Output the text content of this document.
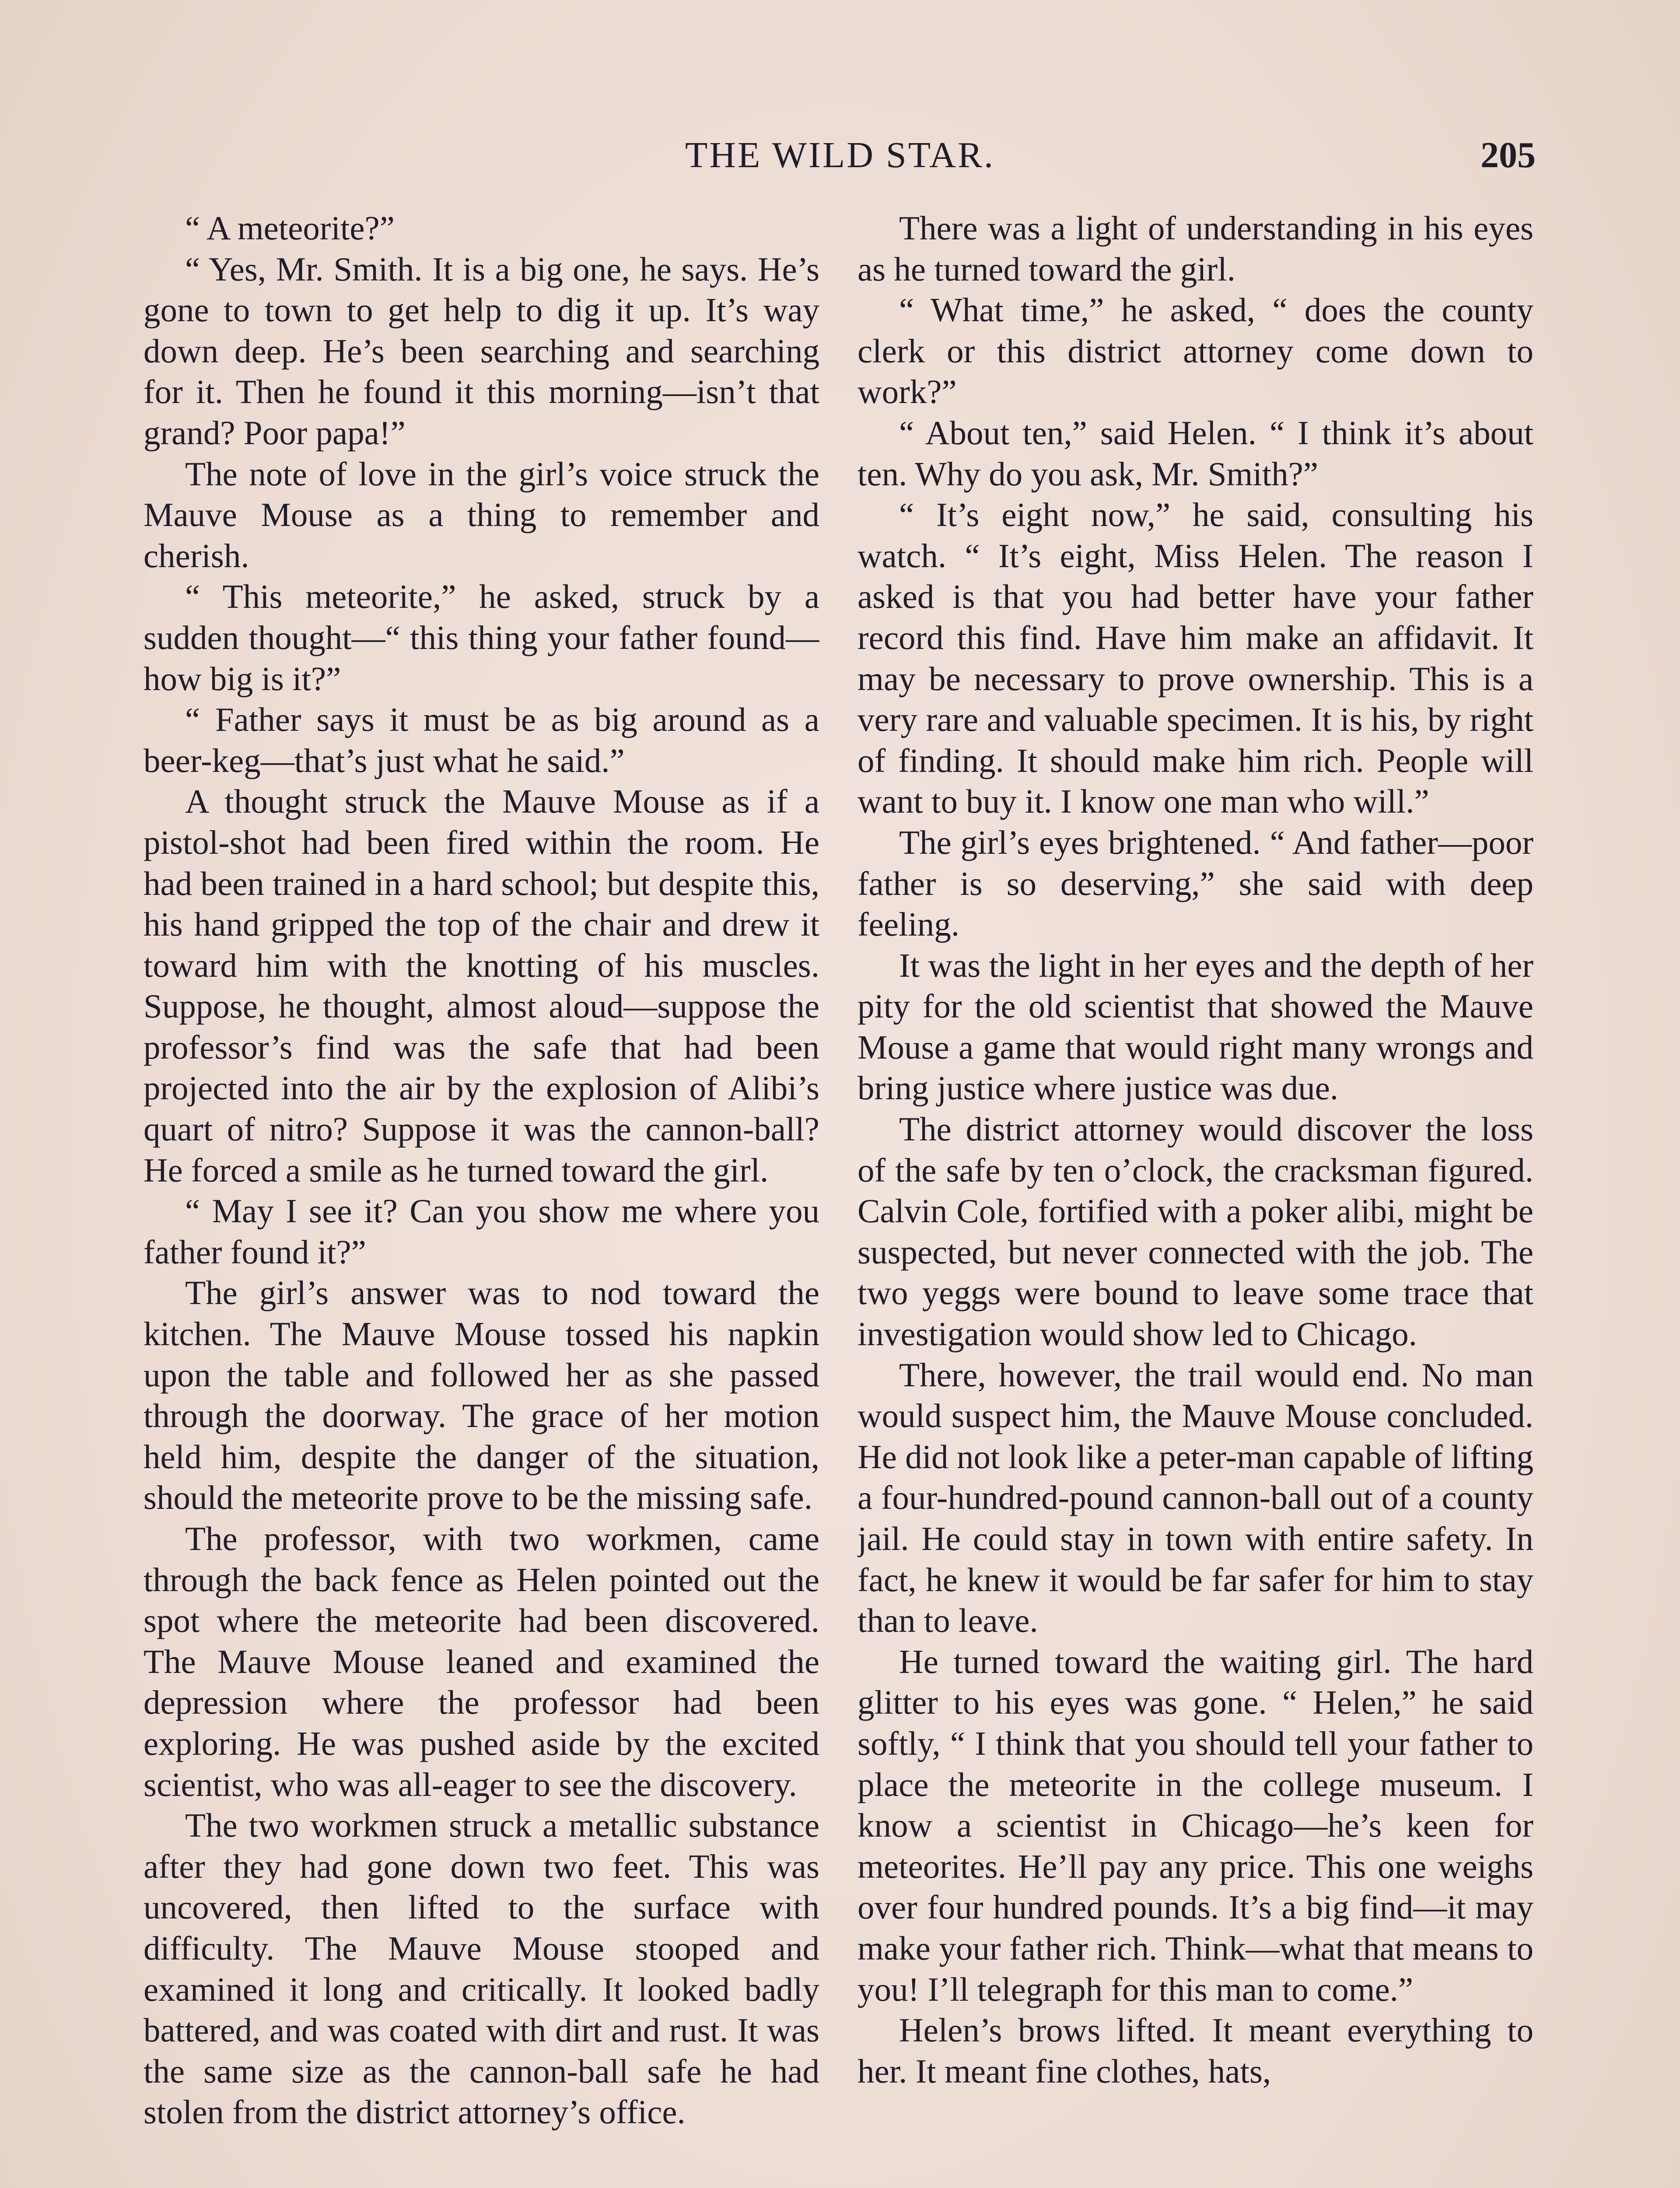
THE WILD STAR.	205

“ A meteorite?”

“ Yes, Mr. Smith. It is a big one, he says. He’s gone to town to get help to dig it up. It’s way down deep. He’s been searching and searching for it. Then he found it this morning—isn’t that grand? Poor papa!”

The note of love in the girl’s voice struck the Mauve Mouse as a thing to remember and cherish.

“ This meteorite,” he asked, struck by a sudden thought—“ this thing your father found—how big is it?”

“ Father says it must be as big around as a beer-keg—that’s just what he said.”

A thought struck the Mauve Mouse as if a pistol-shot had been fired within the room. He had been trained in a hard school; but despite this, his hand gripped the top of the chair and drew it toward him with the knotting of his muscles. Suppose, he thought, almost aloud—suppose the professor’s find was the safe that had been projected into the air by the explosion of Alibi’s quart of nitro? Suppose it was the cannon-ball? He forced a smile as he turned toward the girl.

“ May I see it? Can you show me where you father found it?”

The girl’s answer was to nod toward the kitchen. The Mauve Mouse tossed his napkin upon the table and followed her as she passed through the doorway. The grace of her motion held him, despite the danger of the situation, should the meteorite prove to be the missing safe.

The professor, with two workmen, came through the back fence as Helen pointed out the spot where the meteorite had been discovered. The Mauve Mouse leaned and examined the depression where the professor had been exploring. He was pushed aside by the excited scientist, who was all-eager to see the discovery.

The two workmen struck a metallic substance after they had gone down two feet. This was uncovered, then lifted to the surface with difficulty. The Mauve Mouse stooped and examined it long and critically. It looked badly battered, and was coated with dirt and rust. It was the same size as the cannon-ball safe he had stolen from the district attorney’s office.

There was a light of understanding in his eyes as he turned toward the girl.

“ What time,” he asked, “ does the county clerk or this district attorney come down to work?”

“ About ten,” said Helen. “ I think it’s about ten. Why do you ask, Mr. Smith?”

“ It’s eight now,” he said, consulting his watch. “ It’s eight, Miss Helen. The reason I asked is that you had better have your father record this find. Have him make an affidavit. It may be necessary to prove ownership. This is a very rare and valuable specimen. It is his, by right of finding. It should make him rich. People will want to buy it. I know one man who will.”

The girl’s eyes brightened. “ And father—poor father is so deserving,” she said with deep feeling.

It was the light in her eyes and the depth of her pity for the old scientist that showed the Mauve Mouse a game that would right many wrongs and bring justice where justice was due.

The district attorney would discover the loss of the safe by ten o’clock, the cracksman figured. Calvin Cole, fortified with a poker alibi, might be suspected, but never connected with the job. The two yeggs were bound to leave some trace that investigation would show led to Chicago.

There, however, the trail would end. No man would suspect him, the Mauve Mouse concluded. He did not look like a peter-man capable of lifting a four-hundred-pound cannon-ball out of a county jail. He could stay in town with entire safety. In fact, he knew it would be far safer for him to stay than to leave.

He turned toward the waiting girl. The hard glitter to his eyes was gone. “ Helen,” he said softly, “ I think that you should tell your father to place the meteorite in the college museum. I know a scientist in Chicago—he’s keen for meteorites. He’ll pay any price. This one weighs over four hundred pounds. It’s a big find—it may make your father rich. Think—what that means to you! I’ll telegraph for this man to come.”

Helen’s brows lifted. It meant everything to her. It meant fine clothes, hats,
